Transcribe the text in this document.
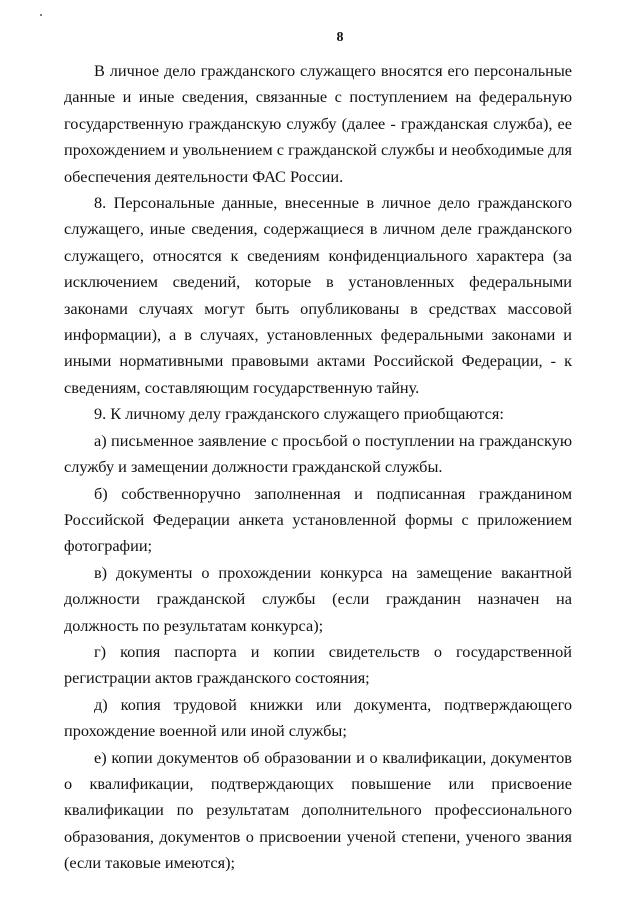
8

В личное дело гражданского служащего вносятся его персональные данные и иные сведения, связанные с поступлением на федеральную государственную гражданскую службу (далее - гражданская служба), ее прохождением и увольнением с гражданской службы и необходимые для обеспечения деятельности ФАС России.

8. Персональные данные, внесенные в личное дело гражданского служащего, иные сведения, содержащиеся в личном деле гражданского служащего, относятся к сведениям конфиденциального характера (за исключением сведений, которые в установленных федеральными законами случаях могут быть опубликованы в средствах массовой информации), а в случаях, установленных федеральными законами и иными нормативными правовыми актами Российской Федерации, - к сведениям, составляющим государственную тайну.

9. К личному делу гражданского служащего приобщаются:

а) письменное заявление с просьбой о поступлении на гражданскую службу и замещении должности гражданской службы.

б) собственноручно заполненная и подписанная гражданином Российской Федерации анкета установленной формы с приложением фотографии;

в) документы о прохождении конкурса на замещение вакантной должности гражданской службы (если гражданин назначен на должность по результатам конкурса);

г) копия паспорта и копии свидетельств о государственной регистрации актов гражданского состояния;

д) копия трудовой книжки или документа, подтверждающего прохождение военной или иной службы;

е) копии документов об образовании и о квалификации, документов о квалификации, подтверждающих повышение или присвоение квалификации по результатам дополнительного профессионального образования, документов о присвоении ученой степени, ученого звания (если таковые имеются);
